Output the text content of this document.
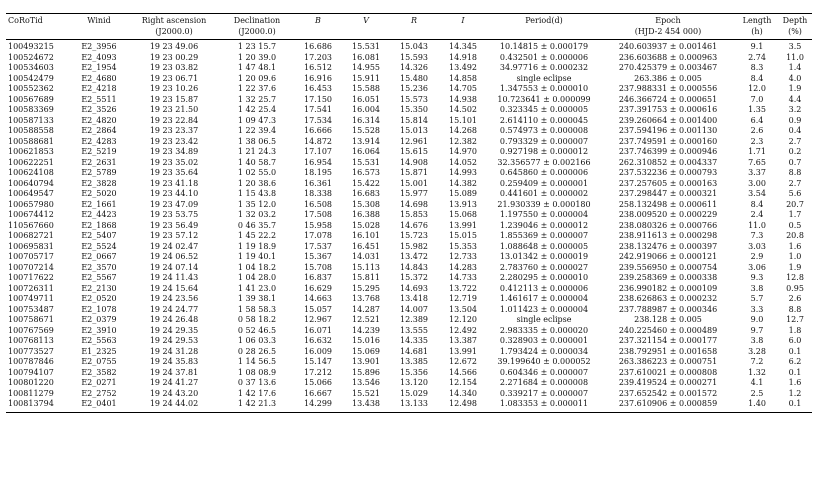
CoRoTid	Winid	Right ascension	Declination	B	V	R	I	Period(d)	Epoch	Length	Depth
		(J2000.0)	(J2000.0)						(HJD-2 454 000)	(h)	(%)
100493215	E2_3956	19 23 49.06	1 23 15.7	16.686	15.531	15.043	14.345	10.14815 ± 0.000179	240.603937 ± 0.001461	9.1	3.5
100524672	E2_4093	19 23 00.29	1 20 39.0	17.203	16.081	15.593	14.918	0.432501 ± 0.000006	236.603688 ± 0.000963	2.74	11.0
100534603	E2_1954	19 23 03.82	1 47 48.1	16.512	14.955	14.326	13.492	34.97716 ± 0.000232	270.425379 ± 0.003467	8.3	1.4
100542479	E2_4680	19 23 06.71	1 20 09.6	16.916	15.911	15.480	14.858	single eclipse	263.386 ± 0.005	8.4	4.0
100552362	E2_4218	19 23 10.26	1 22 37.6	16.453	15.588	15.236	14.705	1.347553 ± 0.000010	237.988331 ± 0.000556	12.0	1.9
100567689	E2_5511	19 23 15.87	1 32 25.7	17.150	16.051	15.573	14.938	10.723641 ± 0.000099	246.366724 ± 0.000651	7.0	4.4
100583369	E2_3526	19 23 21.50	1 42 25.4	17.541	16.004	15.350	14.502	0.323345 ± 0.000005	237.391753 ± 0.000616	1.35	3.2
100587133	E2_4820	19 23 22.84	1 09 47.3	17.534	16.314	15.814	15.101	2.614110 ± 0.000045	239.260664 ± 0.001400	6.4	0.9
100588558	E2_2864	19 23 23.37	1 22 39.4	16.666	15.528	15.013	14.268	0.574973 ± 0.000008	237.594196 ± 0.001130	2.6	0.4
100588681	E2_4283	19 23 23.42	1 38 06.5	14.872	13.914	12.961	12.382	0.793329 ± 0.000007	237.749591 ± 0.000160	2.3	2.7
100621853	E2_5219	19 23 34.89	1 21 24.3	17.107	16.064	15.615	14.970	0.927198 ± 0.000012	237.746399 ± 0.000946	1.71	0.2
100622251	E2_2631	19 23 35.02	1 40 58.7	16.954	15.531	14.908	14.052	32.356577 ± 0.002166	262.310852 ± 0.004337	7.65	0.7
100624108	E2_5789	19 23 35.64	1 02 55.0	18.195	16.573	15.871	14.993	0.645860 ± 0.000006	237.532236 ± 0.000793	3.37	8.8
100640794	E2_3828	19 23 41.18	1 20 38.6	16.361	15.422	15.001	14.382	0.259409 ± 0.000001	237.257605 ± 0.000163	3.00	2.7
100649547	E2_5020	19 23 44.10	1 15 43.8	18.338	16.683	15.977	15.089	0.441601 ± 0.000002	237.298447 ± 0.000321	3.54	5.6
100657980	E2_1661	19 23 47.09	1 35 12.0	16.508	15.308	14.698	13.913	21.930339 ± 0.000180	258.132498 ± 0.000611	8.4	20.7
100674412	E2_4423	19 23 53.75	1 32 03.2	17.508	16.388	15.853	15.068	1.197550 ± 0.000004	238.009520 ± 0.000229	2.4	1.7
110567660	E2_1868	19 23 56.49	0 46 35.7	15.958	15.028	14.676	13.991	1.239046 ± 0.000012	238.080326 ± 0.000766	11.0	0.5
100682721	E2_5407	19 23 57.12	1 45 22.2	17.078	16.101	15.723	15.015	1.855369 ± 0.000007	238.911613 ± 0.000298	7.3	20.8
100695831	E2_5524	19 24 02.47	1 19 18.9	17.537	16.451	15.982	15.353	1.088648 ± 0.000005	238.132476 ± 0.000397	3.03	1.6
100705717	E2_0667	19 24 06.52	1 19 40.1	15.367	14.031	13.472	12.733	13.01342 ± 0.000019	242.919066 ± 0.000121	2.9	1.0
100707214	E2_3570	19 24 07.14	1 04 18.2	15.708	15.113	14.843	14.283	2.783760 ± 0.000027	239.556950 ± 0.000754	3.06	1.9
100717622	E2_5567	19 24 11.43	1 04 28.0	16.837	15.811	15.372	14.733	2.280295 ± 0.000010	239.258369 ± 0.000338	9.3	12.8
100726311	E2_2130	19 24 15.64	1 41 23.0	16.629	15.295	14.693	13.722	0.412113 ± 0.000006	236.990182 ± 0.000109	3.8	0.95
100749711	E2_0520	19 24 23.56	1 39 38.1	14.663	13.768	13.418	12.719	1.461617 ± 0.000004	238.626863 ± 0.000232	5.7	2.6
100753487	E2_1078	19 24 24.77	1 58 58.3	15.057	14.287	14.007	13.504	1.011423 ± 0.000004	237.788987 ± 0.000346	3.3	8.8
100758671	E2_0379	19 24 26.48	0 58 18.2	12.967	12.521	12.389	12.120	single eclipse	238.128 ± 0.005	9.0	12.7
100767569	E2_3910	19 24 29.35	0 52 46.5	16.071	14.239	13.555	12.492	2.983335 ± 0.000020	240.225460 ± 0.000489	9.7	1.8
100768113	E2_5563	19 24 29.53	1 06 03.3	16.632	15.016	14.335	13.387	0.328903 ± 0.000001	237.321154 ± 0.000177	3.8	6.0
100773527	E1_2325	19 24 31.28	0 28 26.5	16.009	15.069	14.681	13.991	1.793424 ± 0.000034	238.792951 ± 0.001658	3.28	0.1
100787846	E2_0755	19 24 35.83	1 14 56.5	15.147	13.901	13.385	12.672	39.199640 ± 0.000052	263.386223 ± 0.000751	7.2	6.2
100794107	E2_3582	19 24 37.81	1 08 08.9	17.212	15.896	15.356	14.566	0.604346 ± 0.000007	237.610021 ± 0.000808	1.32	0.1
100801220	E2_0271	19 24 41.27	0 37 13.6	15.066	13.546	13.120	12.154	2.271684 ± 0.000008	239.419524 ± 0.000271	4.1	1.6
100811279	E2_2752	19 24 43.20	1 42 17.6	16.667	15.521	15.029	14.340	0.339217 ± 0.000007	237.652542 ± 0.001572	2.5	1.2
100813794	E2_0401	19 24 44.02	1 42 21.3	14.299	13.438	13.133	12.498	1.083353 ± 0.000011	237.610906 ± 0.000859	1.40	0.1
